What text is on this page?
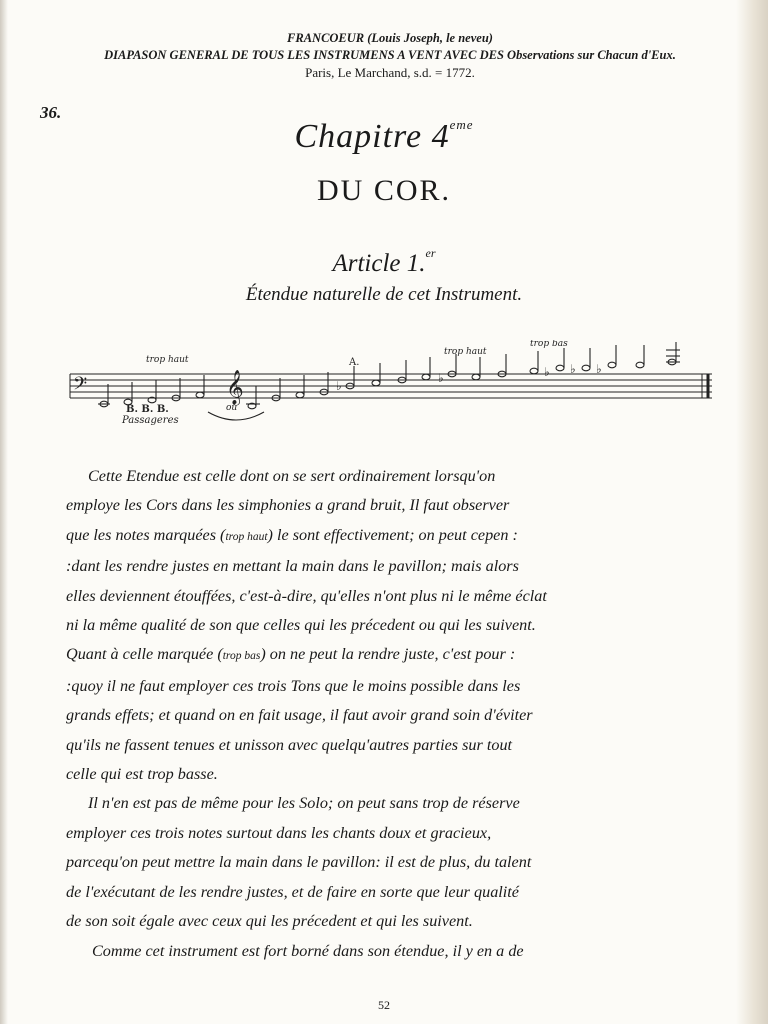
FRANCOEUR (Louis Joseph, le neveu)
DIAPASON GENERAL DE TOUS LES INSTRUMENS A VENT AVEC DES Observations sur Chacun d'Eux.
Paris, Le Marchand, s.d. = 1772.
36.
Chapitre 4eme
DU COR.
Article 1.$^{er}$
Étendue naturelle de cet Instrument.
𝄢	𝄞	♭
♭	♭ ♭ ♭
A.
trop haut
trop haut
trop bas
B. B. B.
Passageres
ou
Cette Etendue est celle dont on se sert ordinairement lorsqu'on
employe les Cors dans les simphonies a grand bruit, Il faut observer
que les notes marquées (trop haut) le sont effectivement; on peut cepen :
:dant les rendre justes en mettant la main dans le pavillon; mais alors
elles deviennent étouffées, c'est-à-dire, qu'elles n'ont plus ni le même éclat
ni la même qualité de son que celles qui les précedent ou qui les suivent.
Quant à celle marquée (trop bas) on ne peut la rendre juste, c'est pour :
:quoy il ne faut employer ces trois Tons que le moins possible dans les
grands effets; et quand on en fait usage, il faut avoir grand soin d'éviter
qu'ils ne fassent tenues et unisson avec quelqu'autres parties sur tout
celle qui est trop basse.
Il n'en est pas de même pour les Solo; on peut sans trop de réserve
employer ces trois notes surtout dans les chants doux et gracieux,
parcequ'on peut mettre la main dans le pavillon: il est de plus, du talent
de l'exécutant de les rendre justes, et de faire en sorte que leur qualité
de son soit égale avec ceux qui les précedent et qui les suivent.
Comme cet instrument est fort borné dans son étendue, il y en a de
52
